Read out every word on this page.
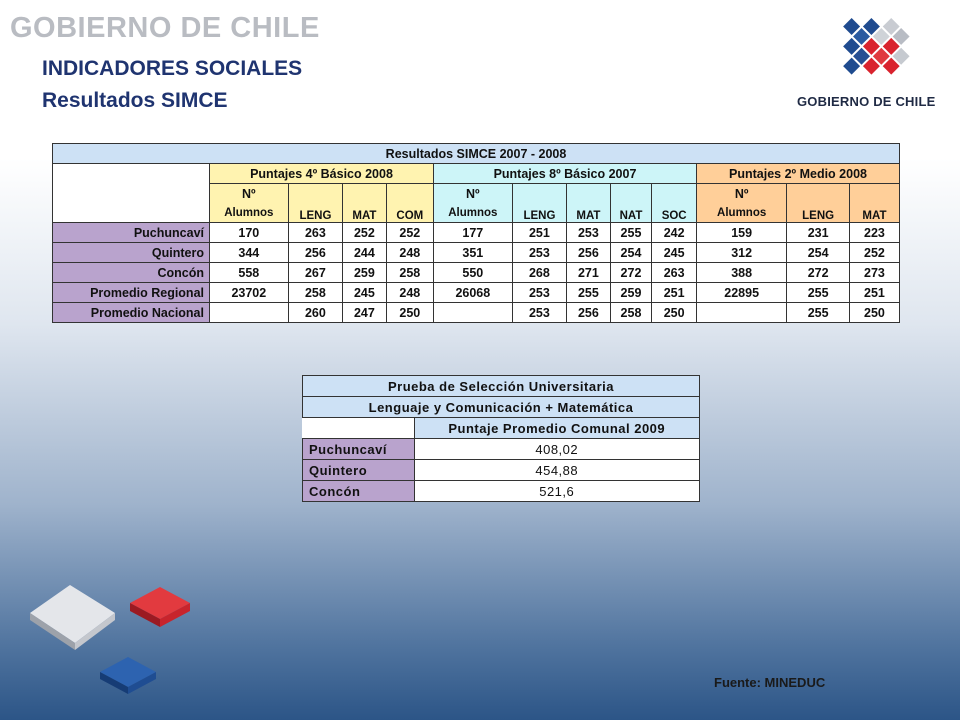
GOBIERNO DE CHILE
INDICADORES SOCIALES
Resultados SIMCE	GOBIERNO DE CHILE
Resultados SIMCE 2007 - 2008												
	Puntajes 4º Básico 2008				Puntajes 8º Básico 2007					Puntajes 2º Medio 2008		
	Nº	LENG	MAT	COM	Nº	LENG	MAT	NAT	SOC	Nº	LENG	MAT
	Alumnos				Alumnos					Alumnos		
Puchuncaví	170	263	252	252	177	251	253	255	242	159	231	223
Quintero	344	256	244	248	351	253	256	254	245	312	254	252
Concón	558	267	259	258	550	268	271	272	263	388	272	273
Promedio Regional	23702	258	245	248	26068	253	255	259	251	22895	255	251
Promedio Nacional		260	247	250		253	256	258	250		255	250
Prueba de Selección Universitaria	
Lenguaje y Comunicación + Matemática	
	Puntaje Promedio Comunal 2009
Puchuncaví	408,02
Quintero	454,88
Concón	521,6
Fuente: MINEDUC
